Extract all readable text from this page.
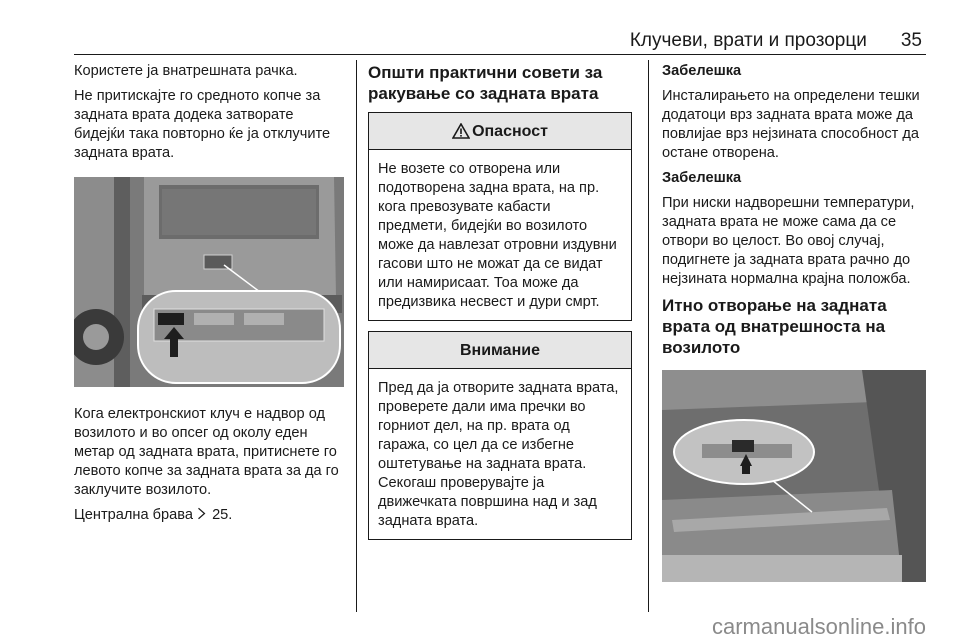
Клучеви, врати и прозорци 35

Користете ја внатрешната рачка.

Не притискајте го средното копче за задната врата додека затворате бидејќи така повторно ќе ја отклучите задната врата.

Кога електронскиот клуч е надвор од возилото и во опсег од околу еден метар од задната врата, притиснете го левото копче за задната врата за да го заклучите возилото.

Централна брава 25.

Општи практични совети за ракување со задната врата
Опасност

Не возете со отворена или подотворена задна врата, на пр. кога превозувате кабасти предмети, бидејќи во возилото може да навлезат отровни издувни гасови што не можат да се видат или намирисаат. Тоа може да предизвика несвест и дури смрт.

Внимание

Пред да ја отворите задната врата, проверете дали има пречки во горниот дел, на пр. врата од гаража, со цел да се избегне оштетување на задната врата. Секогаш проверувајте ја движечката површина над и зад задната врата.

Забелешка

Инсталирањето на определени тешки додатоци врз задната врата може да повлијае врз нејзината способност да остане отворена.

Забелешка

При ниски надворешни температури, задната врата не може сама да се отвори во целост. Во овој случај, подигнете ја задната врата рачно до нејзината нормална крајна положба.

Итно отворање на задната врата од внатрешноста на возилото
carmanualsonline.info
